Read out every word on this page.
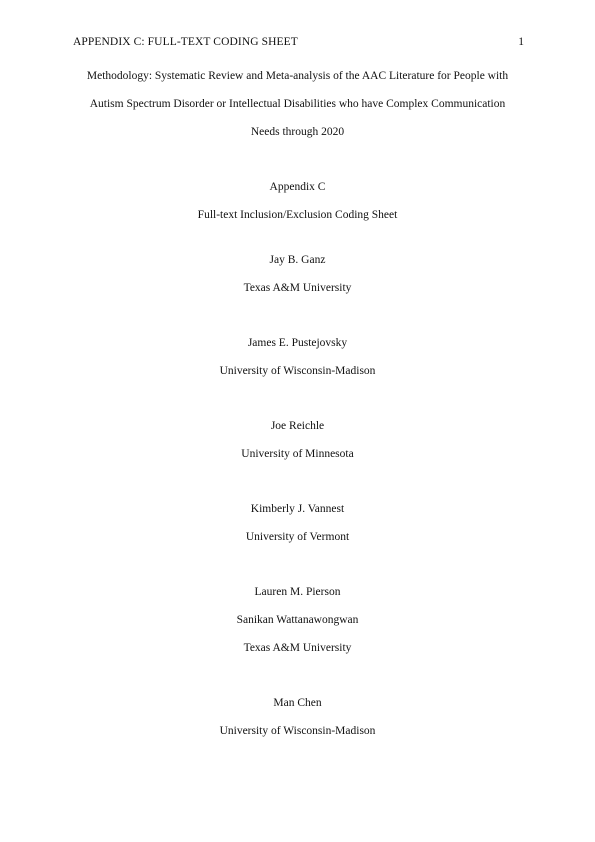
APPENDIX C: FULL-TEXT CODING SHEET	1
Methodology: Systematic Review and Meta-analysis of the AAC Literature for People with
Autism Spectrum Disorder or Intellectual Disabilities who have Complex Communication
Needs through 2020
Appendix C
Full-text Inclusion/Exclusion Coding Sheet
Jay B. Ganz
Texas A&M University
James E. Pustejovsky
University of Wisconsin-Madison
Joe Reichle
University of Minnesota
Kimberly J. Vannest
University of Vermont
Lauren M. Pierson
Sanikan Wattanawongwan
Texas A&M University
Man Chen
University of Wisconsin-Madison
